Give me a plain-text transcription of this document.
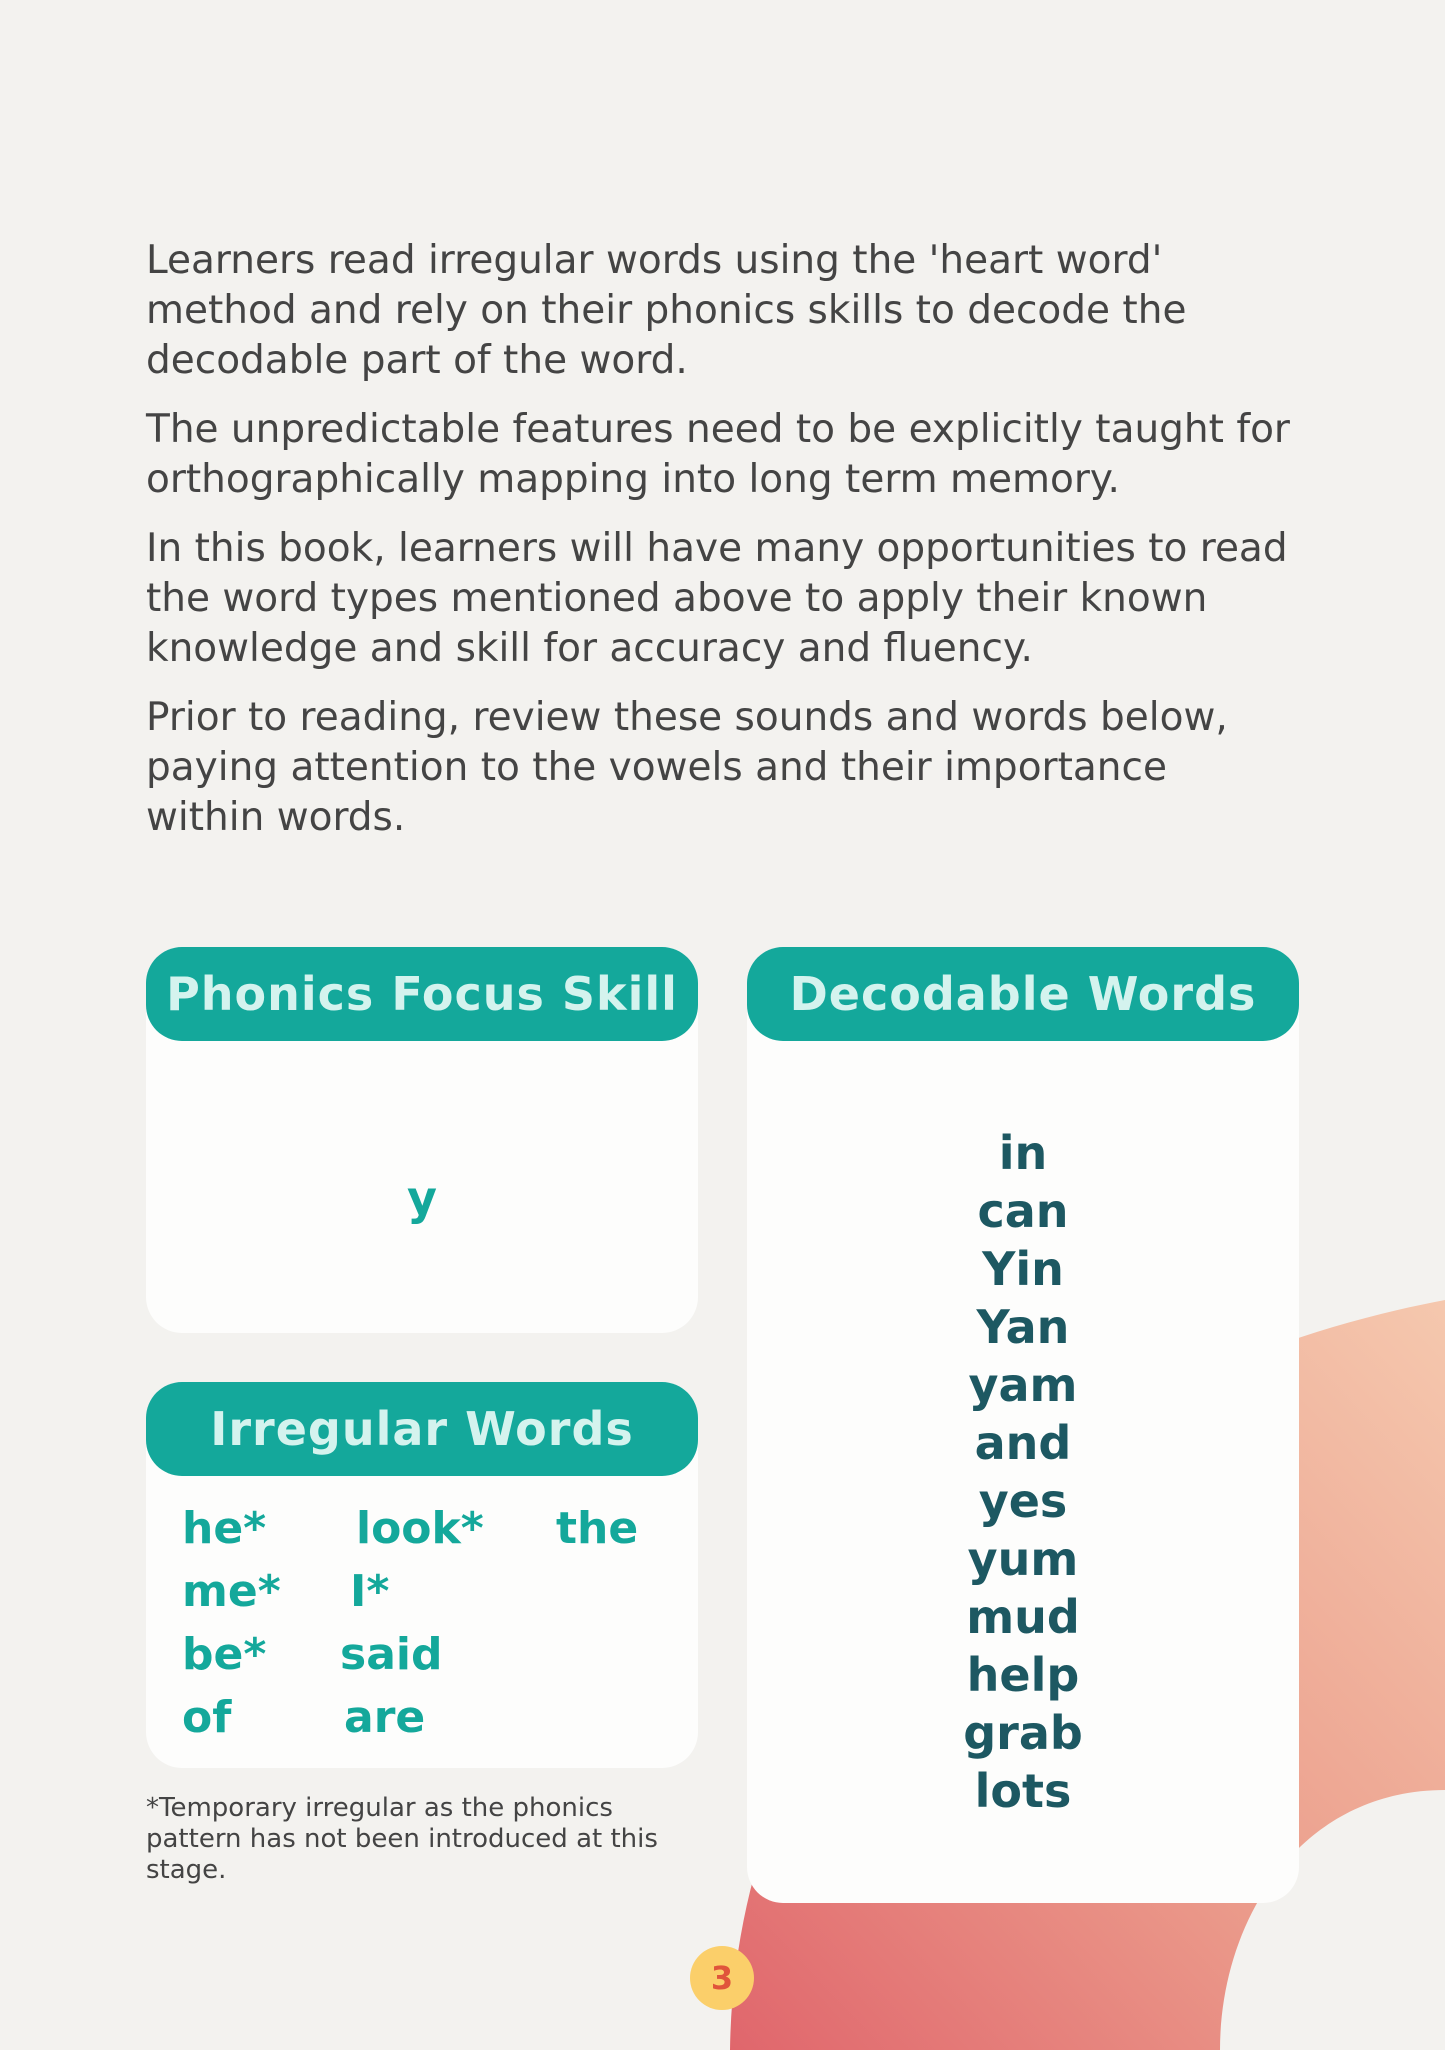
Learners read irregular words using the 'heart word' method and rely on their phonics skills to decode the decodable part of the word.

The unpredictable features need to be explicitly taught for orthographically mapping into long term memory.

In this book, learners will have many opportunities to read the word types mentioned above to apply their known knowledge and skill for accuracy and fluency.

Prior to reading, review these sounds and words below, paying attention to the vowels and their importance within words.

Phonics Focus Skill
y
Irregular Words
he*
me*
be*
of
look*
I*
said
are
the
Decodable Words
in
can
Yin
Yan
yam
and
yes
yum
mud
help
grab
lots
*Temporary irregular as the phonics pattern has not been introduced at this stage.
3
